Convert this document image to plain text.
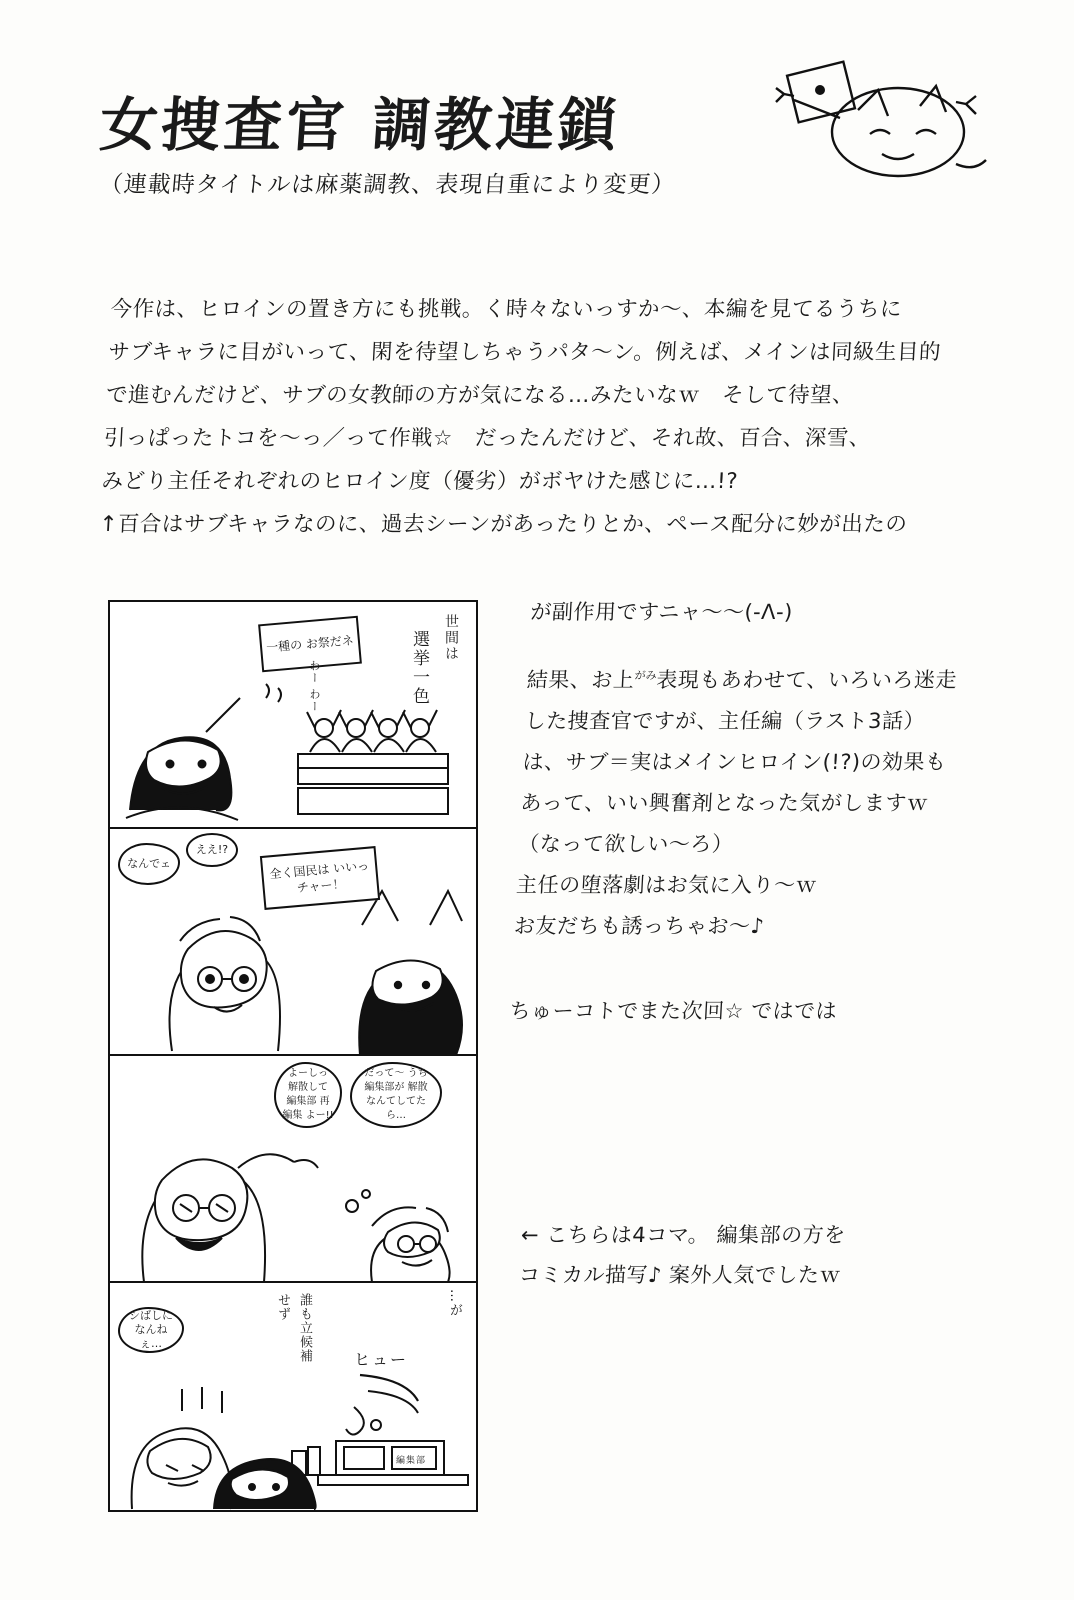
女捜査官 調教連鎖
（連載時タイトルは麻薬調教、表現自重により変更）
今作は、ヒロインの置き方にも挑戦。く時々ないっすか～、本編を見てるうちに
サブキャラに目がいって、閑を待望しちゃうパタ～ン。例えば、メインは同級生目的
で進むんだけど、サブの女教師の方が気になる…みたいなｗ　そして待望、
引っぱったトコを～っ／って作戦☆　だったんだけど、それ故、百合、深雪、
みどり主任それぞれのヒロイン度（優劣）がボヤけた感じに…!?
↑百合はサブキャラなのに、過去シーンがあったりとか、ペース配分に妙が出たの
が副作用ですニャ～～(-Λ-)
結果、お上$^{がみ}$表現もあわせて、いろいろ迷走
した捜査官ですが、主任編（ラスト3話）
は、サブ＝実はメインヒロイン(!?)の効果も
あって、いい興奮剤となった気がしますｗ
（なって欲しい～ろ）
主任の堕落劇はお気に入り～ｗ
お友だちも誘っちゃお～♪
ちゅーコトでまた次回☆ ではでは
← こちらは4コマ。 編集部の方を
コミカル描写♪ 案外人気でしたｗ
一種の お祭だネ	世間は
選挙一色
わー わー
なんでェ
ええ!?
全く国民は いいっチャー！
よーしっ 解散して 編集部 再編集 よー!!
だって～ うち 編集部が 解散 なんてしてたら…
シばしに なんねぇ…	誰も立候補
せず	…が
ヒュー
編集部
